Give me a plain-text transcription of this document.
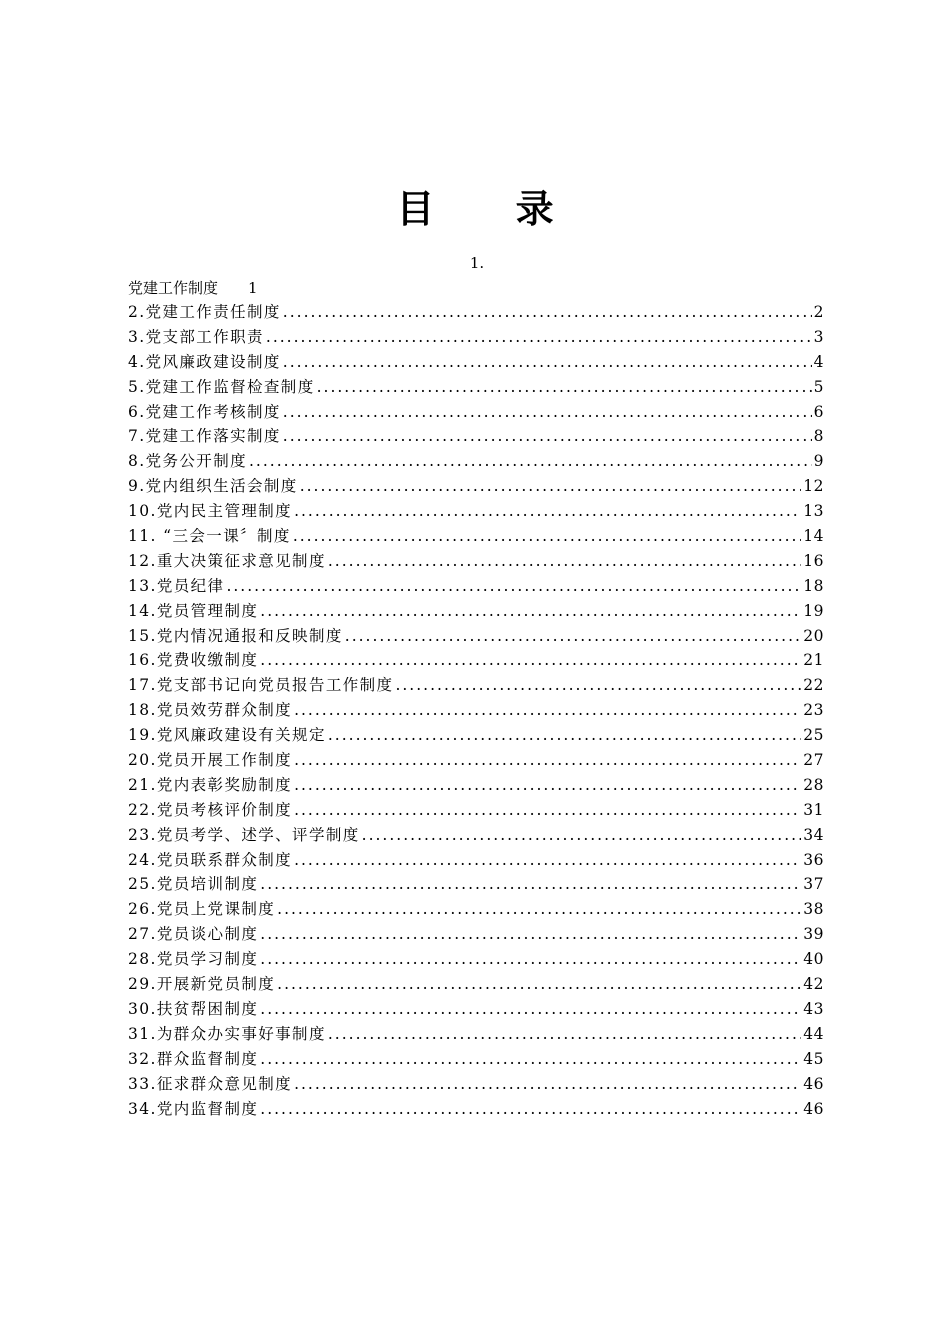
目 录
1.
党建工作制度 1
2.党建工作责任制度 .....	2
3.党支部工作职责 .....	3
4.党风廉政建设制度 .....	4
5.党建工作监督检查制度 .....	5
6.党建工作考核制度 .....	6
7.党建工作落实制度 .....	8
8.党务公开制度 .....	9
9.党内组织生活会制度 .....	12
10.党内民主管理制度 .....	13
11. “三会一课〞制度 .....	14
12.重大决策征求意见制度 .....	16
13.党员纪律 .....	18
14.党员管理制度 .....	19
15.党内情况通报和反映制度 .....	20
16.党费收缴制度 .....	21
17.党支部书记向党员报告工作制度 .....	22
18.党员效劳群众制度 .....	23
19.党风廉政建设有关规定 .....	25
20.党员开展工作制度 .....	27
21.党内表彰奖励制度 .....	28
22.党员考核评价制度 .....	31
23.党员考学、述学、评学制度 .....	34
24.党员联系群众制度 .....	36
25.党员培训制度 .....	37
26.党员上党课制度 .....	38
27.党员谈心制度 .....	39
28.党员学习制度 .....	40
29.开展新党员制度 .....	42
30.扶贫帮困制度 .....	43
31.为群众办实事好事制度 .....	44
32.群众监督制度 .....	45
33.征求群众意见制度 .....	46
34.党内监督制度 .....	46
